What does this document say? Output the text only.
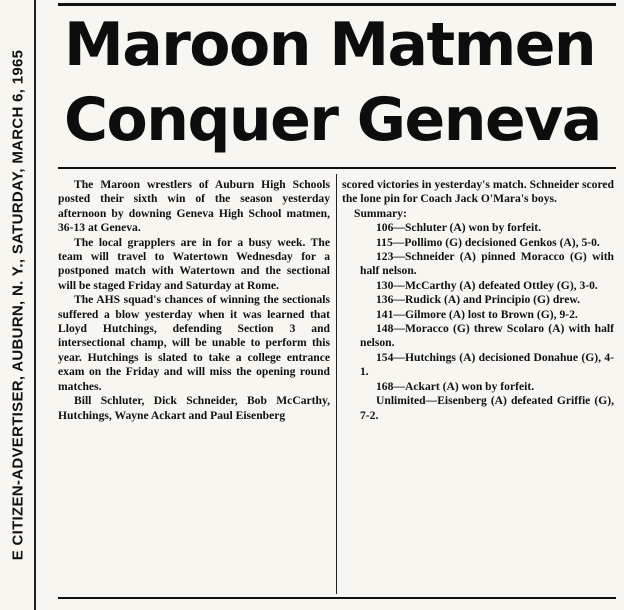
E CITIZEN-ADVERTISER, AUBURN, N. Y., SATURDAY, MARCH 6, 1965
Maroon Matmen
Conquer Geneva

The Maroon wrestlers of Auburn High Schools posted their sixth win of the season yesterday afternoon by downing Geneva High School matmen, 36-13 at Geneva.

The local grapplers are in for a busy week. The team will travel to Watertown Wednesday for a postponed match with Watertown and the sectional will be staged Friday and Saturday at Rome.

The AHS squad's chances of winning the sectionals suffered a blow yesterday when it was learned that Lloyd Hutchings, defending Section 3 and intersectional champ, will be unable to perform this year. Hutchings is slated to take a college entrance exam on the Friday and will miss the opening round matches.

Bill Schluter, Dick Schneider, Bob McCarthy, Hutchings, Wayne Ackart and Paul Eisenberg

scored victories in yesterday's match. Schneider scored the lone pin for Coach Jack O'Mara's boys.

Summary:

106—Schluter (A) won by forfeit.

115—Pollimo (G) decisioned Genkos (A), 5-0.

123—Schneider (A) pinned Moracco (G) with half nelson.

130—McCarthy (A) defeated Ottley (G), 3-0.

136—Rudick (A) and Principio (G) drew.

141—Gilmore (A) lost to Brown (G), 9-2.

148—Moracco (G) threw Scolaro (A) with half nelson.

154—Hutchings (A) decisioned Donahue (G), 4-1.

168—Ackart (A) won by forfeit.

Unlimited—Eisenberg (A) defeated Griffie (G), 7-2.
